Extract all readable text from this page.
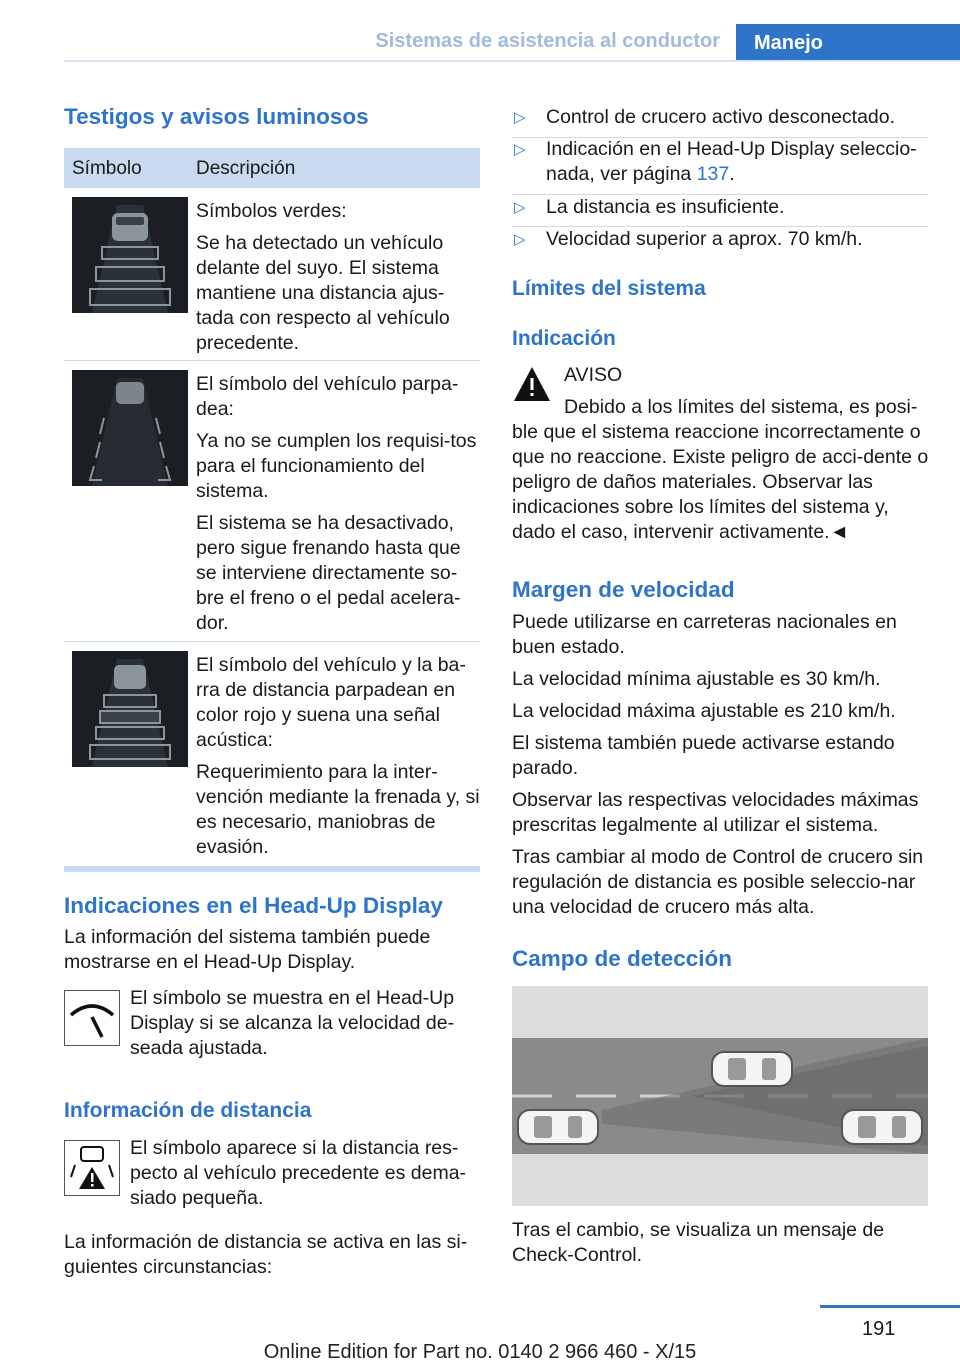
Sistemas de asistencia al conductor	Manejo
Testigos y avisos luminosos
Símbolo	Descripción

Símbolos verdes:

Se ha detectado un vehículo delante del suyo. El sistema mantiene una distancia ajus-tada con respecto al vehículo precedente.

El símbolo del vehículo parpa-dea:

Ya no se cumplen los requisi-tos para el funcionamiento del sistema.

El sistema se ha desactivado, pero sigue frenando hasta que se interviene directamente so-bre el freno o el pedal acelera-dor.

El símbolo del vehículo y la ba-rra de distancia parpadean en color rojo y suena una señal acústica:

Requerimiento para la inter-vención mediante la frenada y, si es necesario, maniobras de evasión.

Indicaciones en el Head-Up Display
La información del sistema también puede mostrarse en el Head-Up Display.
El símbolo se muestra en el Head-Up Display si se alcanza la velocidad de-seada ajustada.
Información de distancia
El símbolo aparece si la distancia res-pecto al vehículo precedente es dema-siado pequeña.
La información de distancia se activa en las si-guientes circunstancias:
▷ Control de crucero activo desconectado.
▷ Indicación en el Head-Up Display seleccio-nada, ver página 137.
▷ La distancia es insuficiente.
▷ Velocidad superior a aprox. 70 km/h.
Límites del sistema
Indicación
AVISO
Debido a los límites del sistema, es posi-
ble que el sistema reaccione incorrectamente o que no reaccione. Existe peligro de acci-dente o peligro de daños materiales. Observar las indicaciones sobre los límites del sistema y, dado el caso, intervenir activamente.◄
Margen de velocidad

Puede utilizarse en carreteras nacionales en buen estado.

La velocidad mínima ajustable es 30 km/h.

La velocidad máxima ajustable es 210 km/h.

El sistema también puede activarse estando parado.

Observar las respectivas velocidades máximas prescritas legalmente al utilizar el sistema.

Tras cambiar al modo de Control de crucero sin regulación de distancia es posible seleccio-nar una velocidad de crucero más alta.

Campo de detección
Tras el cambio, se visualiza un mensaje de Check-Control.
191
Online Edition for Part no. 0140 2 966 460 - X/15
